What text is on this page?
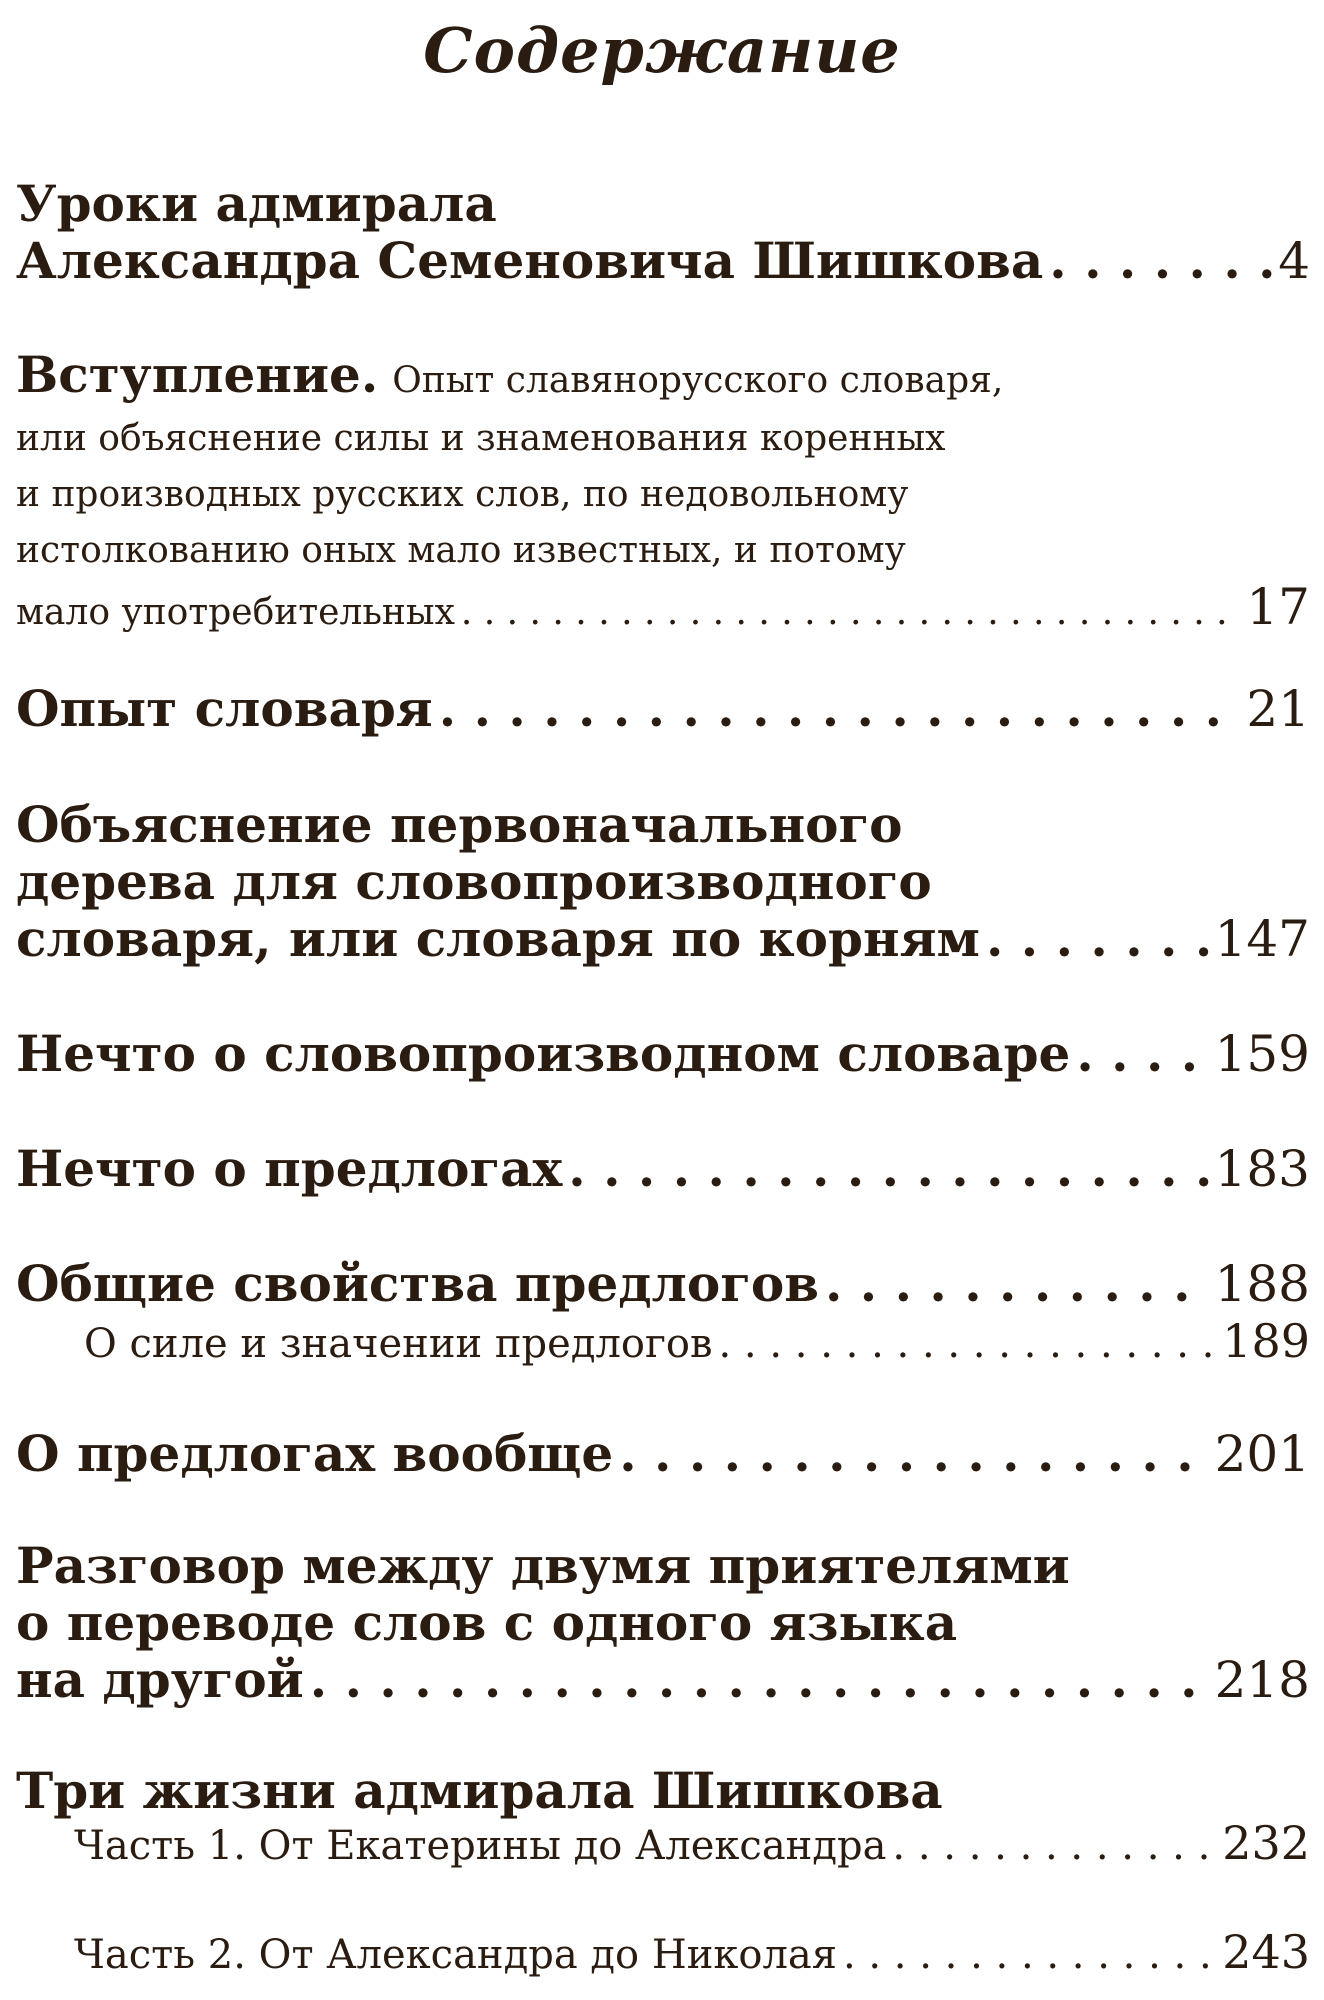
Содержание
Уроки адмирала
Александра Семеновича Шишкова . . .	4
Вступление. Опыт славянорусского словаря,
или объяснение силы и знаменования коренных
и производных русских слов, по недовольному
истолкованию оных мало известных, и потому
мало употребительных . . .	17
Опыт словаря . . .	21
Объяснение первоначального
дерева для словопроизводного
словаря, или словаря по корням . . .	147
Нечто о словопроизводном словаре . . .	159
Нечто о предлогах . . .	183
Общие свойства предлогов . . .	188
О силе и значении предлогов . . .	189
О предлогах вообще . . .	201
Разговор между двумя приятелями
о переводе слов с одного языка
на другой . . .	218
Три жизни адмирала Шишкова
Часть 1. От Екатерины до Александра . . .	232
Часть 2. От Александра до Николая . . .	243
